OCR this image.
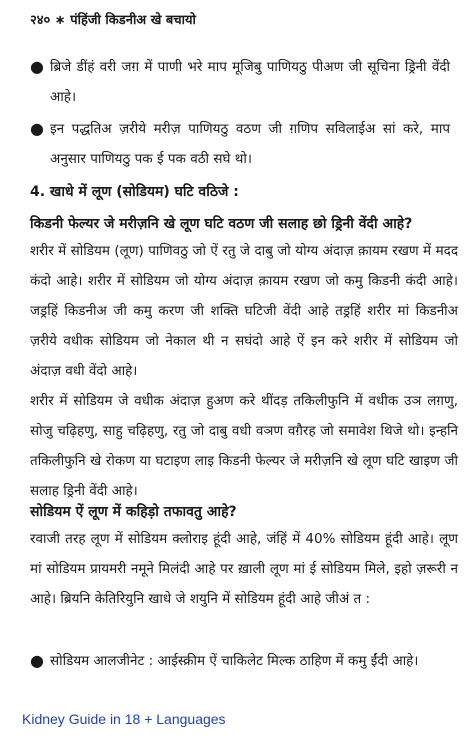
२४० ∗ पंहिंजी किडनीअ खे बचायो
● ब्रिजे डींहं वरी जग़ में पाणी भरे माप मूजिबु पाणियठु पीअण जी सूचिना ड्रिनी वेंदी आहे।
● इन पद्धतिअ ज़रीये मरीज़ पाणियठु वठण जी ग़णिप सविलाईअ सां करे, माप अनुसार पाणियठु पक ई पक वठी सघे थो।
4. खाधे में लूण (सोडियम) घटि वठिजे :
किडनी फेल्यर जे मरीज़नि खे लूण घटि वठण जी सलाह छो ड्रिनी वेंदी आहे?
शरीर में सोडियम (लूण) पाणिवठु जो ऐं रतु जे दाबु जो योग्य अंदाज़ क़ायम रखण में मदद कंदो आहे। शरीर में सोडियम जो योग्य अंदाज़ क़ायम रखण जो कमु किडनी कंदी आहे। जड्रहिं किडनीअ जी कमु करण जी शक्ति घटिजी वेंदी आहे तड्रहिं शरीर मां किडनीअ ज़रीये वधीक सोडियम जो नेकाल थी न सघंदो आहे ऐं इन करे शरीर में सोडियम जो अंदाज़ वधी वेंदो आहे।
शरीर में सोडियम जे वधीक अंदाज़ हुअण करे थींदड़ तकिलीफुनि में वधीक उञ लग़णु, सोजु चढ़िहणु, साहु चढ़िहणु, रतु जो दाबु वधी वञण वग़ैरह जो समावेश थिजे थो। इन्हनि तकिलीफुनि खे रोकण या घटाइण लाइ किडनी फेल्यर जे मरीज़नि खे लूण घटि खाइण जी सलाह ड्रिनी वेंदी आहे।
सोडियम ऐं लूण में कहिड़ो तफावतु आहे?
रवाजी तरह लूण में सोडियम क्लोराइ हूंदी आहे, जंहिं में 40% सोडियम हूंदी आहे। लूण मां सोडियम प्रायमरी नमूने मिलंदी आहे पर ख़ाली लूण मां ई सोडियम मिले, इहो ज़रूरी न आहे। ब्रियनि केतिरियुनि खाधे जे शयुनि में सोडियम हूंदी आहे जीअं त :
● सोडियम आलजीनेट : आईस्क्रीम ऐं चाकिलेट मिल्क ठाहिण में कमु ईंदी आहे।
Kidney Guide in 18 + Languages
